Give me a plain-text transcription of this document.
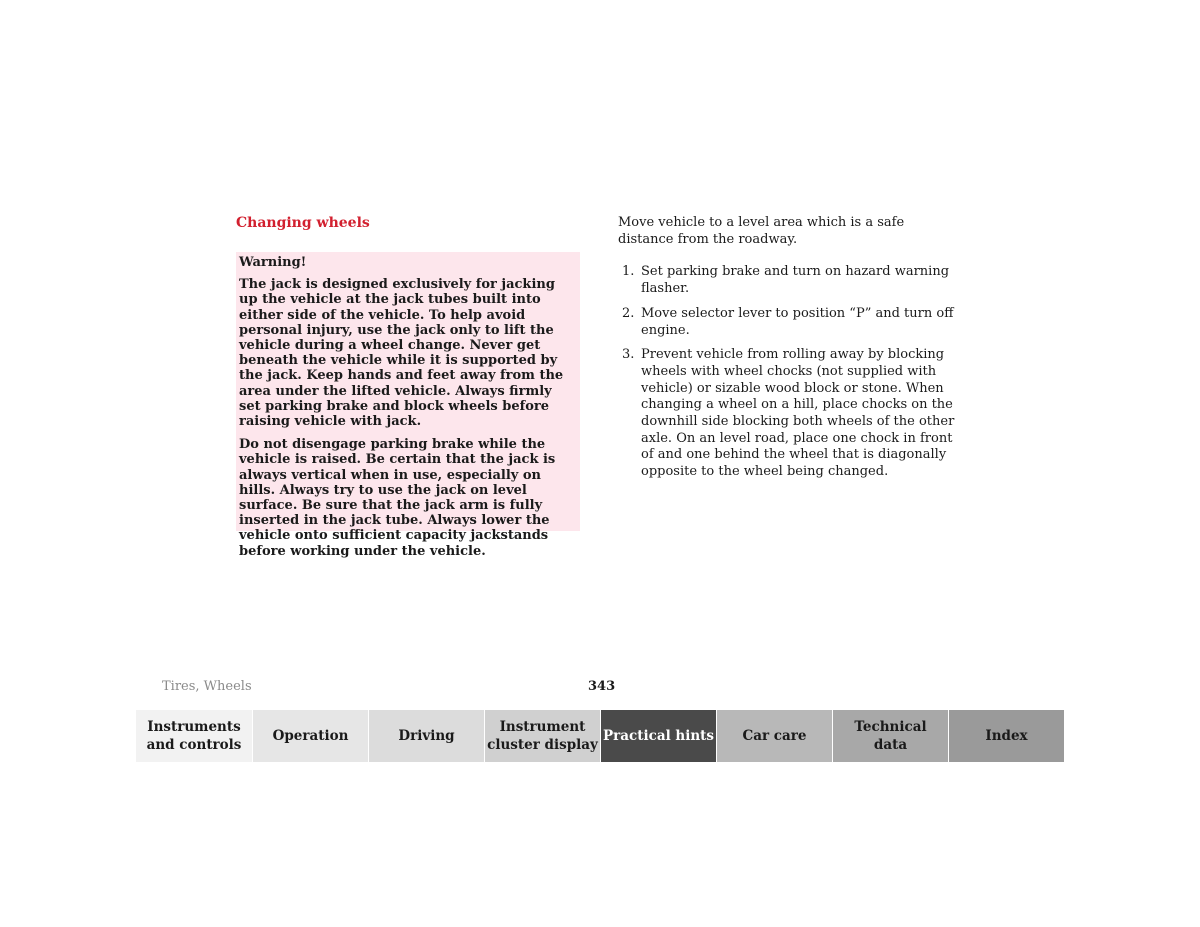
Changing wheels

Warning!

The jack is designed exclusively for jacking up the vehicle at the jack tubes built into either side of the vehicle. To help avoid personal injury, use the jack only to lift the vehicle during a wheel change. Never get beneath the vehicle while it is supported by the jack. Keep hands and feet away from the area under the lifted vehicle. Always firmly set parking brake and block wheels before raising vehicle with jack.

Do not disengage parking brake while the vehicle is raised. Be certain that the jack is always vertical when in use, especially on hills. Always try to use the jack on level surface. Be sure that the jack arm is fully inserted in the jack tube. Always lower the vehicle onto sufficient capacity jackstands before working under the vehicle.

Move vehicle to a level area which is a safe distance from the roadway.

1. Set parking brake and turn on hazard warning flasher.
2. Move selector lever to position “P” and turn off engine.
3. Prevent vehicle from rolling away by blocking wheels with wheel chocks (not supplied with vehicle) or sizable wood block or stone. When changing a wheel on a hill, place chocks on the downhill side blocking both wheels of the other axle. On an level road, place one chock in front of and one behind the wheel that is diagonally opposite to the wheel being changed.
Tires, Wheels	343
Instruments
and controls
Operation	Driving
Instrument
cluster display
Practical hints	Car care
Technical
data
Index
